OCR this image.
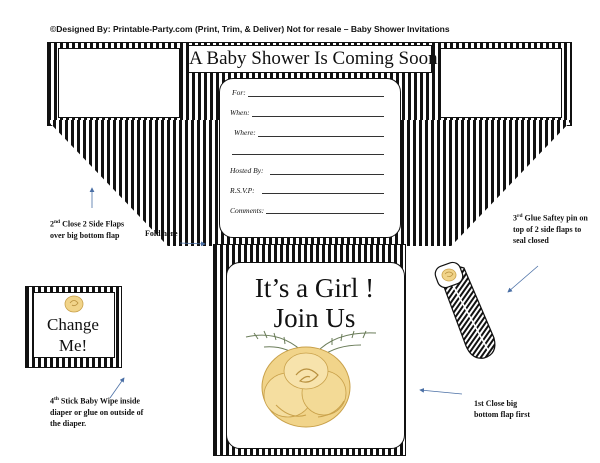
©Designed By: Printable-Party.com (Print, Trim, & Deliver) Not for resale – Baby Shower Invitations
A Baby Shower Is Coming Soon
For:
When:
Where:
Hosted By:
R.S.V.P:
Comments:
It’s a Girl !
Join Us
Change
Me!
Fold here
2nd Close 2 Side Flaps over big bottom flap
3rd Glue Saftey pin on top of 2 side flaps to seal closed
4th Stick Baby Wipe inside diaper or glue on outside of the diaper.
1st Close big bottom flap first
